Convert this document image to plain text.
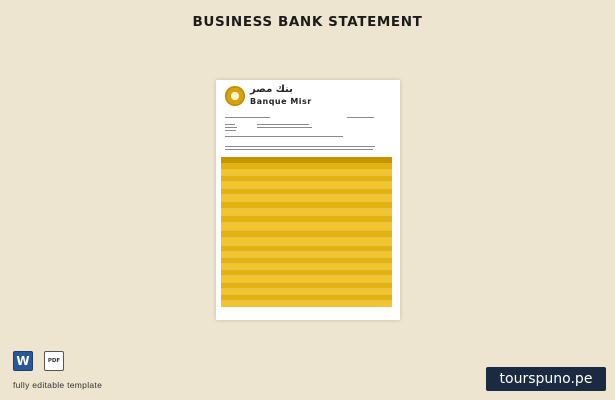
BUSINESS BANK STATEMENT
بنك مصر
Banque Misr

W	PDF
fully editable template	tourspuno.pe
